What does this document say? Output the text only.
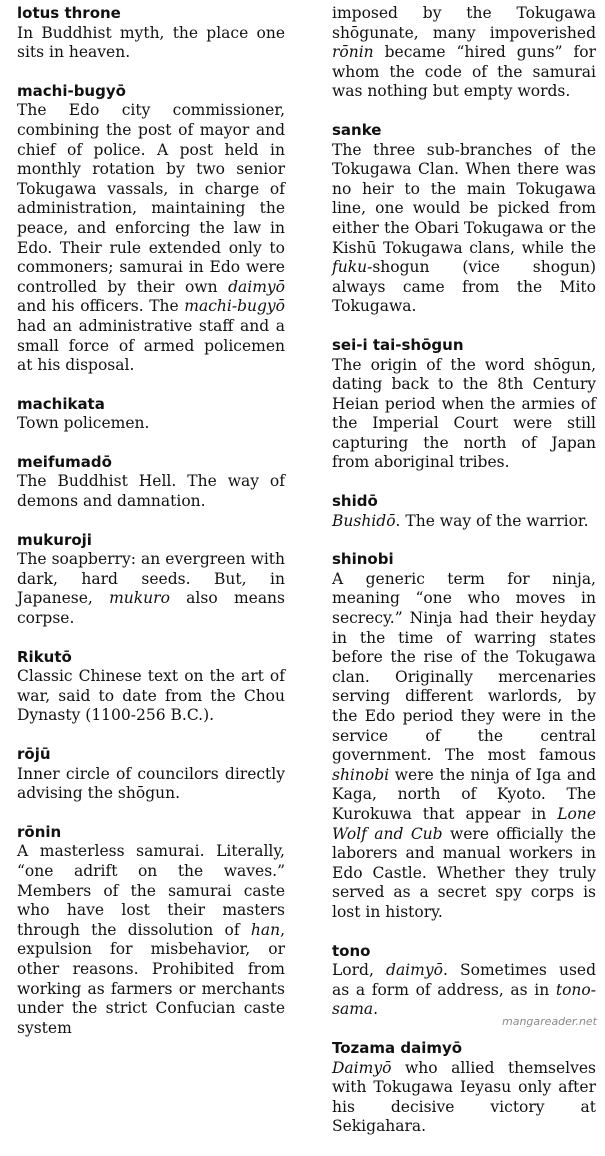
lotus throne

In Buddhist myth, the place one sits in heaven.

machi-bugyō

The Edo city commissioner, combining the post of mayor and chief of police. A post held in monthly rotation by two senior Tokugawa vassals, in charge of administration, maintaining the peace, and enforcing the law in Edo. Their rule extended only to commoners; samurai in Edo were controlled by their own daimyō and his officers. The machi-bugyō had an administrative staff and a small force of armed policemen at his disposal.

machikata

Town policemen.

meifumadō

The Buddhist Hell. The way of demons and damnation.

mukuroji

The soapberry: an evergreen with dark, hard seeds. But, in Japanese, mukuro also means corpse.

Rikutō

Classic Chinese text on the art of war, said to date from the Chou Dynasty (1100-256 B.C.).

rōjū

Inner circle of councilors directly advising the shōgun.

rōnin

A masterless samurai. Literally, “one adrift on the waves.” Members of the samurai caste who have lost their masters through the dissolution of han, expulsion for misbehavior, or other reasons. Prohibited from working as farmers or merchants under the strict Confucian caste system

imposed by the Tokugawa shōgunate, many impoverished rōnin became “hired guns” for whom the code of the samurai was nothing but empty words.

sanke

The three sub-branches of the Tokugawa Clan. When there was no heir to the main Tokugawa line, one would be picked from either the Obari Tokugawa or the Kishū Tokugawa clans, while the fuku-shogun (vice shogun) always came from the Mito Tokugawa.

sei-i tai-shōgun

The origin of the word shōgun, dating back to the 8th Century Heian period when the armies of the Imperial Court were still capturing the north of Japan from aboriginal tribes.

shidō

Bushidō. The way of the warrior.

shinobi

A generic term for ninja, meaning “one who moves in secrecy.” Ninja had their heyday in the time of warring states before the rise of the Tokugawa clan. Originally mercenaries serving different warlords, by the Edo period they were in the service of the central government. The most famous shinobi were the ninja of Iga and Kaga, north of Kyoto. The Kurokuwa that appear in Lone Wolf and Cub were officially the laborers and manual workers in Edo Castle. Whether they truly served as a secret spy corps is lost in history.

tono

Lord, daimyō. Sometimes used as a form of address, as in tono-sama.

Tozama daimyō

Daimyō who allied themselves with Tokugawa Ieyasu only after his decisive victory at Sekigahara.

mangareader.net
